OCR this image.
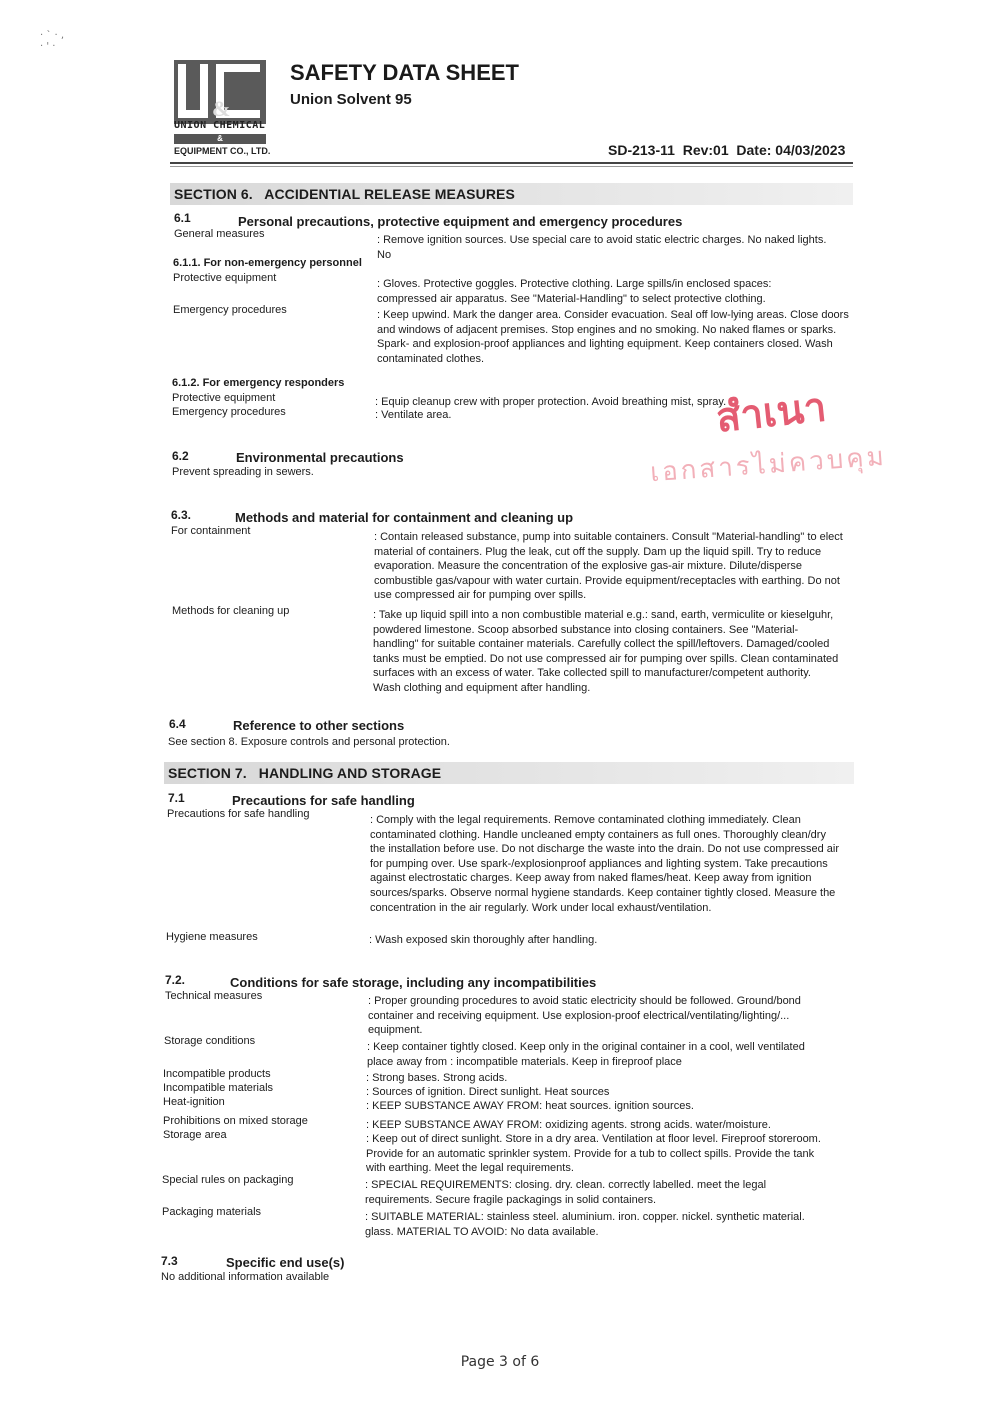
· ` · ,
· ' ·
&
UNION CHEMICAL
&
EQUIPMENT CO., LTD.
SAFETY DATA SHEET
Union Solvent 95
SD-213-11  Rev:01  Date: 04/03/2023
SECTION 6.   ACCIDENTIAL RELEASE MEASURES
6.1	Personal precautions, protective equipment and emergency procedures
General measures	: Remove ignition sources. Use special care to avoid static electric charges. No naked lights. No
6.1.1. For non-emergency personnel
Protective equipment	: Gloves. Protective goggles. Protective clothing. Large spills/in enclosed spaces: compressed air apparatus. See "Material-Handling" to select protective clothing.
Emergency procedures	: Keep upwind. Mark the danger area. Consider evacuation. Seal off low-lying areas. Close doors and windows of adjacent premises. Stop engines and no smoking. No naked flames or sparks. Spark- and explosion-proof appliances and lighting equipment. Keep containers closed. Wash contaminated clothes.
6.1.2. For emergency responders
Protective equipment	: Equip cleanup crew with proper protection. Avoid breathing mist, spray.
Emergency procedures	: Ventilate area.	สำเนา
เอกสารไม่ควบคุม
6.2	Environmental precautions
Prevent spreading in sewers.
6.3.	Methods and material for containment and cleaning up
For containment	: Contain released substance, pump into suitable containers. Consult "Material-handling" to elect material of containers. Plug the leak, cut off the supply. Dam up the liquid spill. Try to reduce evaporation. Measure the concentration of the explosive gas-air mixture. Dilute/disperse combustible gas/vapour with water curtain. Provide equipment/receptacles with earthing. Do not use compressed air for pumping over spills.
Methods for cleaning up	: Take up liquid spill into a non combustible material e.g.: sand, earth, vermiculite or kieselguhr, powdered limestone. Scoop absorbed substance into closing containers. See "Material-handling" for suitable container materials. Carefully collect the spill/leftovers. Damaged/cooled tanks must be emptied. Do not use compressed air for pumping over spills. Clean contaminated surfaces with an excess of water. Take collected spill to manufacturer/competent authority. Wash clothing and equipment after handling.
6.4	Reference to other sections
See section 8. Exposure controls and personal protection.
SECTION 7.   HANDLING AND STORAGE
7.1	Precautions for safe handling
Precautions for safe handling	: Comply with the legal requirements. Remove contaminated clothing immediately. Clean contaminated clothing. Handle uncleaned empty containers as full ones. Thoroughly clean/dry the installation before use. Do not discharge the waste into the drain. Do not use compressed air for pumping over. Use spark-/explosionproof appliances and lighting system. Take precautions against electrostatic charges. Keep away from naked flames/heat. Keep away from ignition sources/sparks. Observe normal hygiene standards. Keep container tightly closed. Measure the concentration in the air regularly. Work under local exhaust/ventilation.
Hygiene measures	: Wash exposed skin thoroughly after handling.
7.2.	Conditions for safe storage, including any incompatibilities
Technical measures	: Proper grounding procedures to avoid static electricity should be followed. Ground/bond container and receiving equipment. Use explosion-proof electrical/ventilating/lighting/... equipment.
Storage conditions	: Keep container tightly closed. Keep only in the original container in a cool, well ventilated place away from : incompatible materials. Keep in fireproof place
Incompatible products	: Strong bases. Strong acids.
Incompatible materials	: Sources of ignition. Direct sunlight. Heat sources
Heat-ignition	: KEEP SUBSTANCE AWAY FROM: heat sources. ignition sources.
Prohibitions on mixed storage	: KEEP SUBSTANCE AWAY FROM: oxidizing agents. strong acids. water/moisture.
Storage area	: Keep out of direct sunlight. Store in a dry area. Ventilation at floor level. Fireproof storeroom. Provide for an automatic sprinkler system. Provide for a tub to collect spills. Provide the tank with earthing. Meet the legal requirements.
Special rules on packaging	: SPECIAL REQUIREMENTS: closing. dry. clean. correctly labelled. meet the legal requirements. Secure fragile packagings in solid containers.
Packaging materials	: SUITABLE MATERIAL: stainless steel. aluminium. iron. copper. nickel. synthetic material. glass. MATERIAL TO AVOID: No data available.
7.3	Specific end use(s)
No additional information available
Page 3 of 6
